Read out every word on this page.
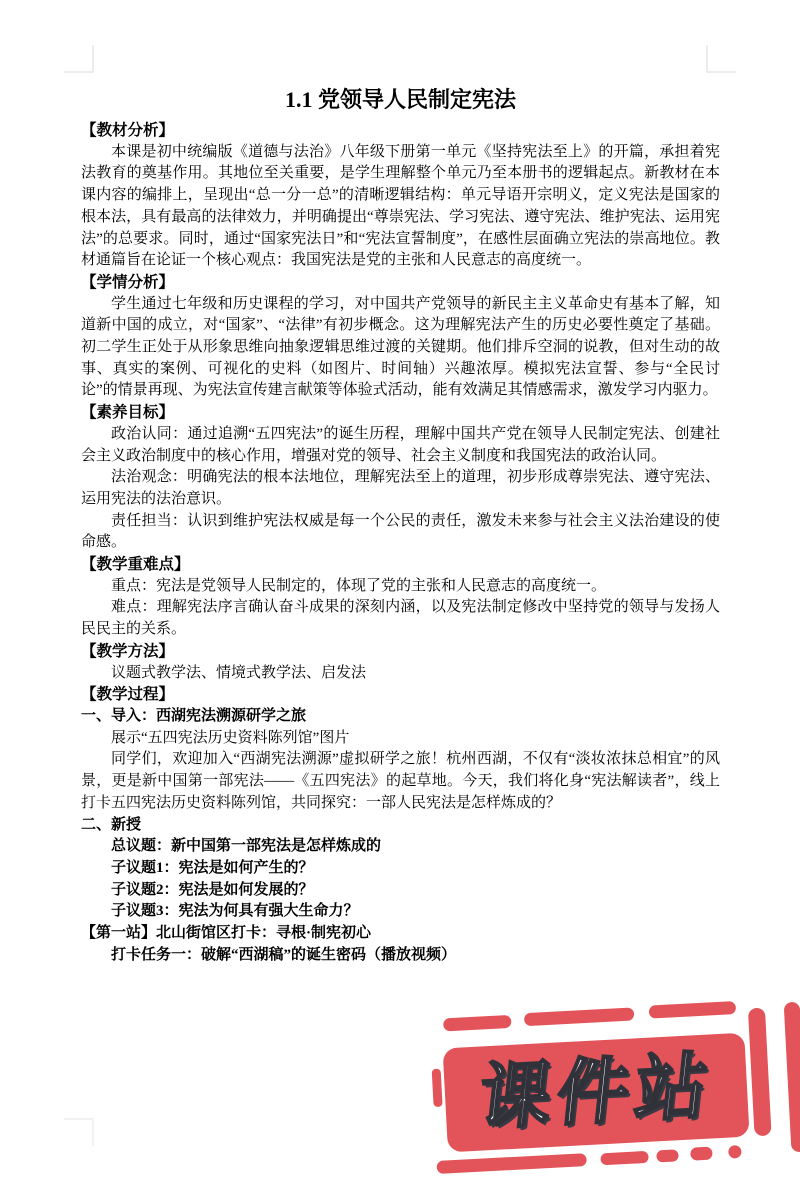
1.1 党领导人民制定宪法
【教材分析】

本课是初中统编版《道德与法治》八年级下册第一单元《坚持宪法至上》的开篇，承担着宪法教育的奠基作用。其地位至关重要，是学生理解整个单元乃至本册书的逻辑起点。新教材在本课内容的编排上，呈现出“总一分一总”的清晰逻辑结构：单元导语开宗明义，定义宪法是国家的根本法，具有最高的法律效力，并明确提出“尊崇宪法、学习宪法、遵守宪法、维护宪法、运用宪法”的总要求。同时，通过“国家宪法日”和“宪法宣誓制度”，在感性层面确立宪法的崇高地位。教材通篇旨在论证一个核心观点：我国宪法是党的主张和人民意志的高度统一。

【学情分析】

学生通过七年级和历史课程的学习，对中国共产党领导的新民主主义革命史有基本了解，知道新中国的成立，对“国家”、“法律”有初步概念。这为理解宪法产生的历史必要性奠定了基础。初二学生正处于从形象思维向抽象逻辑思维过渡的关键期。他们排斥空洞的说教，但对生动的故事、真实的案例、可视化的史料（如图片、时间轴）兴趣浓厚。模拟宪法宣誓、参与“全民讨论”的情景再现、为宪法宣传建言献策等体验式活动，能有效满足其情感需求，激发学习内驱力。

【素养目标】

政治认同：通过追溯“五四宪法”的诞生历程，理解中国共产党在领导人民制定宪法、创建社会主义政治制度中的核心作用，增强对党的领导、社会主义制度和我国宪法的政治认同。

法治观念：明确宪法的根本法地位，理解宪法至上的道理，初步形成尊崇宪法、遵守宪法、运用宪法的法治意识。

责任担当：认识到维护宪法权威是每一个公民的责任，激发未来参与社会主义法治建设的使命感。

【教学重难点】

重点：宪法是党领导人民制定的，体现了党的主张和人民意志的高度统一。

难点：理解宪法序言确认奋斗成果的深刻内涵，以及宪法制定修改中坚持党的领导与发扬人民民主的关系。

【教学方法】

议题式教学法、情境式教学法、启发法

【教学过程】

一、导入：西湖宪法溯源研学之旅

展示“五四宪法历史资料陈列馆”图片

同学们，欢迎加入“西湖宪法溯源”虚拟研学之旅！杭州西湖，不仅有“淡妆浓抹总相宜”的风景，更是新中国第一部宪法——《五四宪法》的起草地。今天，我们将化身“宪法解读者”，线上打卡五四宪法历史资料陈列馆，共同探究：一部人民宪法是怎样炼成的？

二、新授

总议题：新中国第一部宪法是怎样炼成的

子议题1：宪法是如何产生的？

子议题2：宪法是如何发展的？

子议题3：宪法为何具有强大生命力？

【第一站】北山街馆区打卡：寻根·制宪初心

打卡任务一：破解“西湖稿”的诞生密码（播放视频）

课件站
